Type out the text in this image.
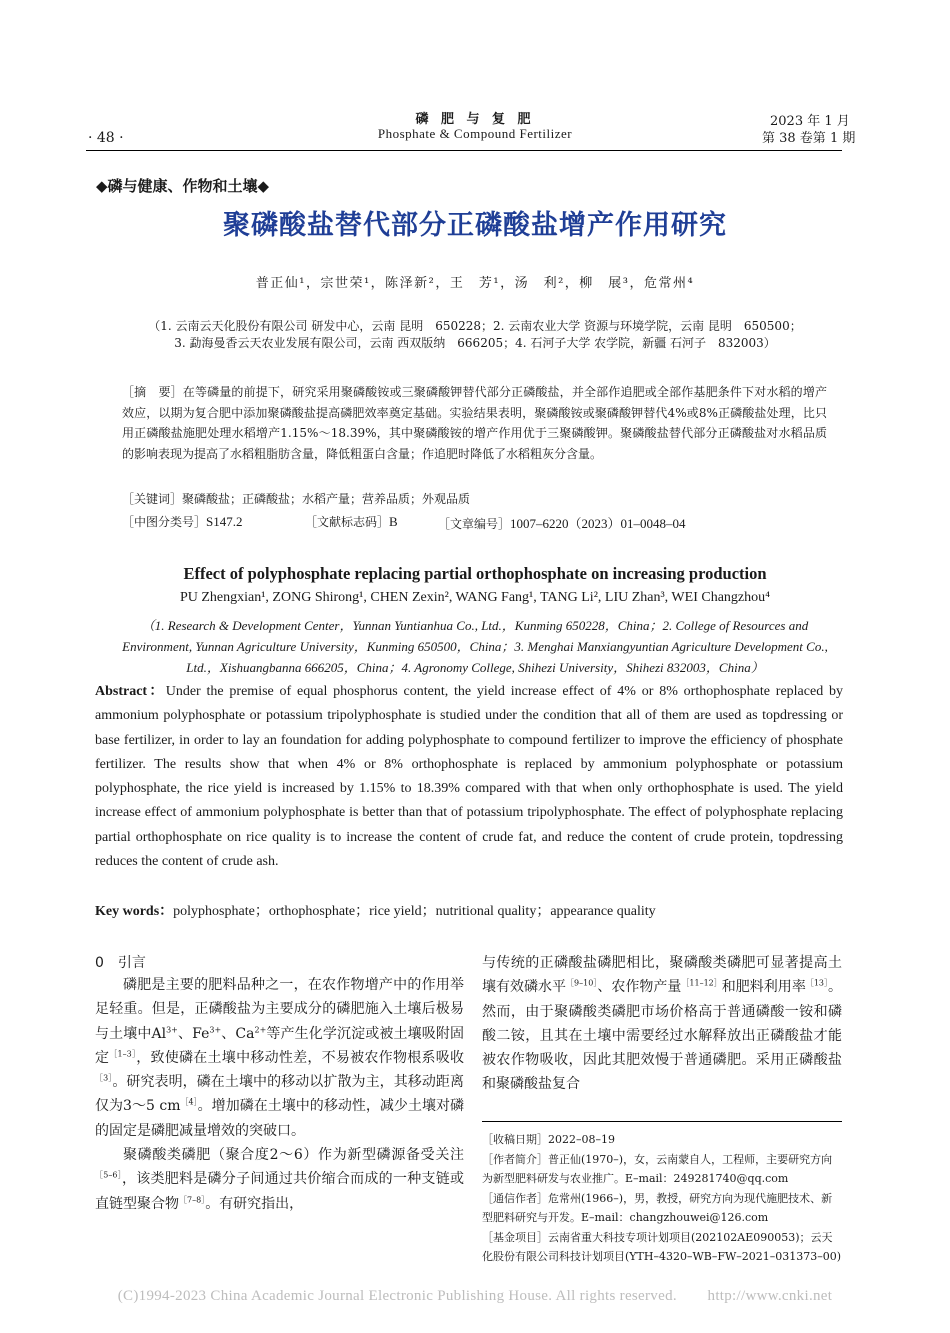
· 48 ·
磷 肥 与 复 肥
Phosphate & Compound Fertilizer
2023 年 1 月
第 38 卷第 1 期
◆磷与健康、作物和土壤◆
聚磷酸盐替代部分正磷酸盐增产作用研究
普正仙¹，宗世荣¹，陈泽新²，王　芳¹，汤　利²，柳　展³，危常州⁴
（1. 云南云天化股份有限公司 研发中心，云南 昆明　650228；2. 云南农业大学 资源与环境学院，云南 昆明　650500；
3. 勐海曼香云天农业发展有限公司，云南 西双版纳　666205；4. 石河子大学 农学院，新疆 石河子　832003）
［摘　要］在等磷量的前提下，研究采用聚磷酸铵或三聚磷酸钾替代部分正磷酸盐，并全部作追肥或全部作基肥条件下对水稻的增产效应，以期为复合肥中添加聚磷酸盐提高磷肥效率奠定基础。实验结果表明，聚磷酸铵或聚磷酸钾替代4%或8%正磷酸盐处理，比只用正磷酸盐施肥处理水稻增产1.15%～18.39%，其中聚磷酸铵的增产作用优于三聚磷酸钾。聚磷酸盐替代部分正磷酸盐对水稻品质的影响表现为提高了水稻粗脂肪含量，降低粗蛋白含量；作追肥时降低了水稻粗灰分含量。
［关键词］聚磷酸盐；正磷酸盐；水稻产量；营养品质；外观品质
［中图分类号］S147.2	［文献标志码］B	［文章编号］1007–6220（2023）01–0048–04
Effect of polyphosphate replacing partial orthophosphate on increasing production
PU Zhengxian¹, ZONG Shirong¹, CHEN Zexin², WANG Fang¹, TANG Li², LIU Zhan³, WEI Changzhou⁴
（1. Research & Development Center，Yunnan Yuntianhua Co., Ltd.，Kunming 650228，China；2. College of Resources and
Environment, Yunnan Agriculture University，Kunming 650500，China；3. Menghai Manxiangyuntian Agriculture Development Co.,
Ltd.，Xishuangbanna 666205，China；4. Agronomy College, Shihezi University，Shihezi 832003，China）
Abstract：Under the premise of equal phosphorus content, the yield increase effect of 4% or 8% orthophosphate replaced by ammonium polyphosphate or potassium tripolyphosphate is studied under the condition that all of them are used as topdressing or base fertilizer, in order to lay an foundation for adding polyphosphate to compound fertilizer to improve the efficiency of phosphate fertilizer. The results show that when 4% or 8% orthophosphate is replaced by ammonium polyphosphate or potassium polyphosphate, the rice yield is increased by 1.15% to 18.39% compared with that when only orthophosphate is used. The yield increase effect of ammonium polyphosphate is better than that of potassium tripolyphosphate. The effect of polyphosphate replacing partial orthophosphate on rice quality is to increase the content of crude fat, and reduce the content of crude protein, topdressing reduces the content of crude ash.
Key words：polyphosphate；orthophosphate；rice yield；nutritional quality；appearance quality
0　引言

磷肥是主要的肥料品种之一，在农作物增产中的作用举足轻重。但是，正磷酸盐为主要成分的磷肥施入土壤后极易与土壤中$Al^{3+}$、$Fe^{3+}$、$Ca^{2+}$等产生化学沉淀或被土壤吸附固定$^{[1-3]}$，致使磷在土壤中移动性差，不易被农作物根系吸收$^{[3]}$。研究表明，磷在土壤中的移动以扩散为主，其移动距离仅为3～5 $cm^{[4]}$。增加磷在土壤中的移动性，减少土壤对磷的固定是磷肥减量增效的突破口。

聚磷酸类磷肥（聚合度2～6）作为新型磷源备受关注$^{[5-6]}$，该类肥料是磷分子间通过共价缩合而成的一种支链或直链型聚合物$^{[7-8]}$。有研究指出，

与传统的正磷酸盐磷肥相比，聚磷酸类磷肥可显著提高土壤有效磷水平$^{[9-10]}$、农作物产量$^{[11-12]}$和肥料利用率$^{[13]}$。然而，由于聚磷酸类磷肥市场价格高于普通磷酸一铵和磷酸二铵，且其在土壤中需要经过水解释放出正磷酸盐才能被农作物吸收，因此其肥效慢于普通磷肥。采用正磷酸盐和聚磷酸盐复合

［收稿日期］2022–08–19

［作者简介］普正仙(1970–)，女，云南蒙自人，工程师，主要研究方向为新型肥料研发与农业推广。E–mail：249281740@qq.com

［通信作者］危常州(1966–)，男，教授，研究方向为现代施肥技术、新型肥料研究与开发。E–mail：changzhouwei@126.com

［基金项目］云南省重大科技专项计划项目(202102AE090053)；云天化股份有限公司科技计划项目(YTH–4320–WB–FW–2021–031373–00)

(C)1994-2023 China Academic Journal Electronic Publishing House. All rights reserved.　　http://www.cnki.net
